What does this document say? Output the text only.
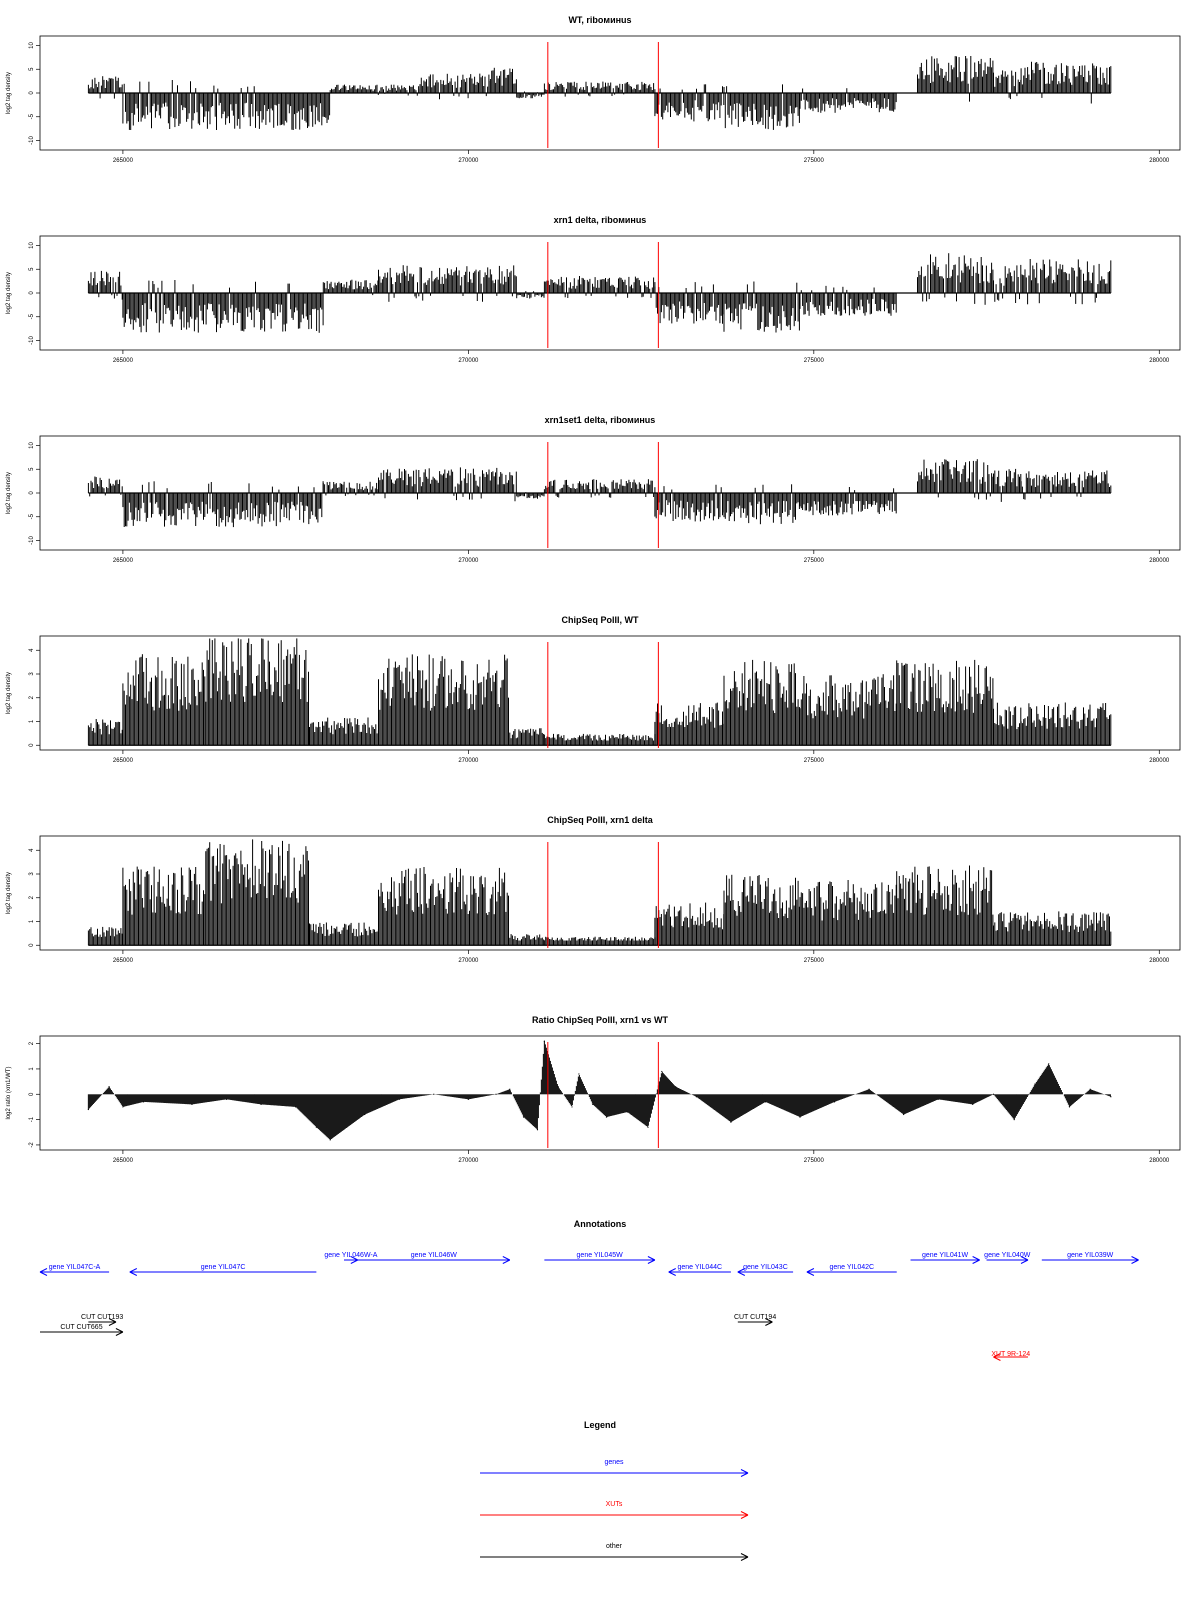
WT, riboминus
265000	270000	275000	280000
-10
-5
0
5
10
log2 tag density
xrn1 delta, riboминus
265000	270000	275000	280000
-10
-5
0
5
10
log2 tag density
xrn1set1 delta, riboминus
265000	270000	275000	280000
-10
-5
0
5
10
log2 tag density
ChipSeq PolII, WT
265000	270000	275000	280000
0
1
2
3
4
log2 tag density
ChipSeq PolII, xrn1 delta
265000	270000	275000	280000
0
1
2
3
4
log2 tag density
Ratio ChipSeq PolII, xrn1 vs WT
265000	270000	275000	280000
-2
-1
0
1
2
log2 ratio (xrn1/WT)
Annotations
gene YIL047C-A	gene YIL047C
gene YIL046W-A	gene YIL046W	gene YIL045W
gene YIL044C	gene YIL043C	gene YIL042C
gene YIL041W gene YIL040W	gene YIL039W
CUT CUT193
CUT CUT665
CUT CUT194
XUT 9R-124
Legend
genes
XUTs
other
